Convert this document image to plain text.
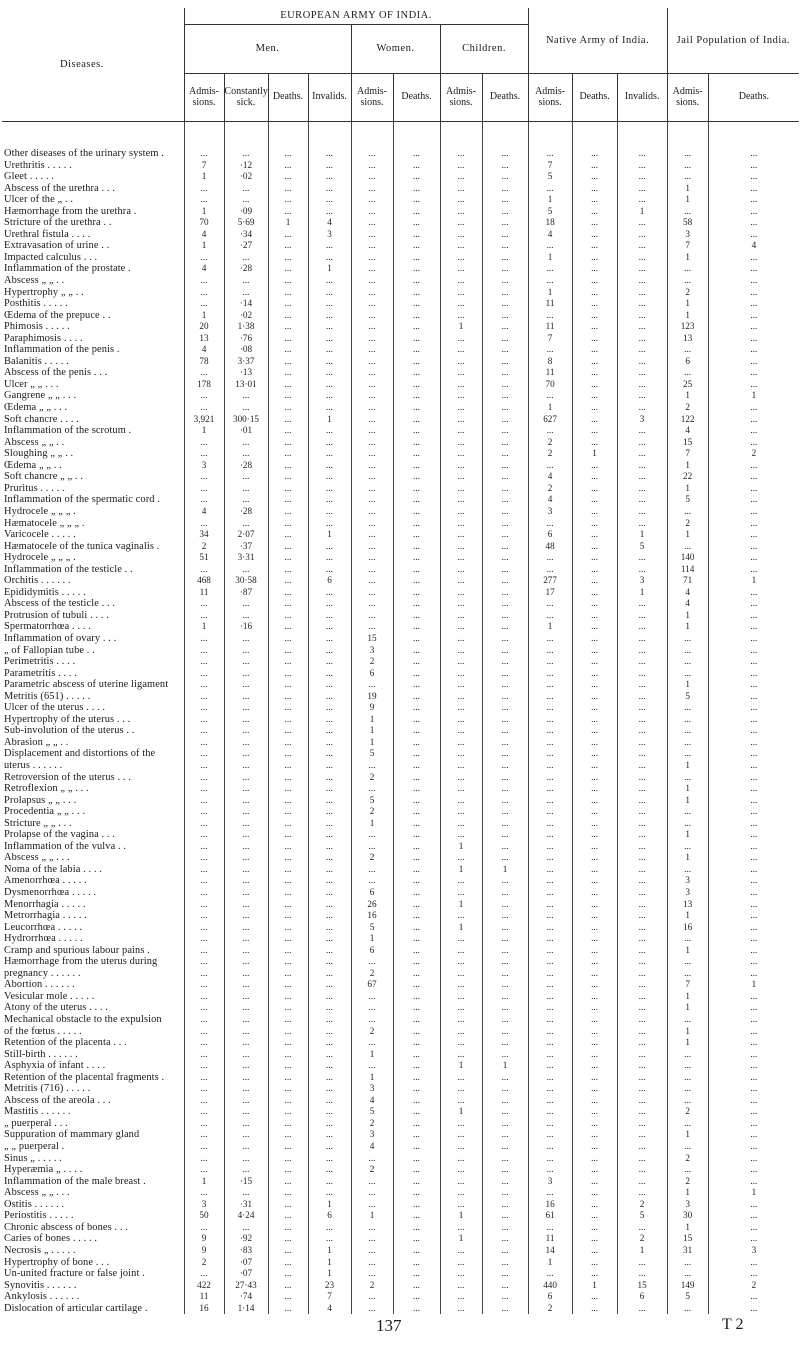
Diseases.	EUROPEAN ARMY OF INDIA.								Native Army of India.			Jail Population of India.	
	Men.				Women.		Children.						
	Admis-sions.	Constantly sick.	Deaths.	Invalids.	Admis-sions.	Deaths.	Admis-sions.	Deaths.	Admis-sions.	Deaths.	Invalids.	Admis-sions.	Deaths.

Other diseases of the urinary system .	...	...	...	...	...	...	...	...	...	...	...	...	...
Urethritis . . . . .	7	·12	...	...	...	...	...	...	7	...	...	...	...
Gleet . . . . .	1	·02	...	...	...	...	...	...	5	...	...	...	...
Abscess of the urethra . . .	...	...	...	...	...	...	...	...	...	...	...	1	...
Ulcer of the „ . .	...	...	...	...	...	...	...	...	1	...	...	1	...
Hæmorrhage from the urethra .	1	·09	...	...	...	...	...	...	5	...	1	...	...
Stricture of the urethra . .	70	5·69	1	4	...	...	...	...	18	...	...	58	...
Urethral fistula . . . .	4	·34	...	3	...	...	...	...	4	...	...	3	...
Extravasation of urine . .	1	·27	...	...	...	...	...	...	...	...	...	7	4
Impacted calculus . . .	...	...	...	...	...	...	...	...	1	...	...	1	...
Inflammation of the prostate .	4	·28	...	1	...	...	...	...	...	...	...	...	...
Abscess „ „ . .	...	...	...	...	...	...	...	...	...	...	...	...	...
Hypertrophy „ „ . .	...	...	...	...	...	...	...	...	1	...	...	2	...
Posthitis . . . . .	...	·14	...	...	...	...	...	...	11	...	...	1	...
Œdema of the prepuce . .	1	·02	...	...	...	...	...	...	...	...	...	1	...
Phimosis . . . . .	20	1·38	...	...	...	...	1	...	11	...	...	123	...
Paraphimosis . . . .	13	·76	...	...	...	...	...	...	7	...	...	13	...
Inflammation of the penis .	4	·08	...	...	...	...	...	...	...	...	...	...	...
Balanitis . . . . .	78	3·37	...	...	...	...	...	...	8	...	...	6	...
Abscess of the penis . . .	...	·13	...	...	...	...	...	...	11	...	...	...	...
Ulcer „ „ . . .	178	13·01	...	...	...	...	...	...	70	...	...	25	...
Gangrene „ „ . . .	...	...	...	...	...	...	...	...	...	...	...	1	1
Œdema „ „ . . .	...	...	...	...	...	...	...	...	1	...	...	2	...
Soft chancre . . . .	3,921	300·15	...	1	...	...	...	...	627	...	3	122	...
Inflammation of the scrotum .	1	·01	...	...	...	...	...	...	...	...	...	4	...
Abscess „ „ . .	...	...	...	...	...	...	...	...	2	...	...	15	...
Sloughing „ „ . .	...	...	...	...	...	...	...	...	2	1	...	7	2
Œdema „ „ . .	3	·28	...	...	...	...	...	...	...	...	...	1	...
Soft chancre „ „ . .	...	...	...	...	...	...	...	...	4	...	...	22	...
Pruritus . . . . .	...	...	...	...	...	...	...	...	2	...	...	1	...
Inflammation of the spermatic cord .	...	...	...	...	...	...	...	...	4	...	...	5	...
Hydrocele „ „ „ .	4	·28	...	...	...	...	...	...	3	...	...	...	...
Hæmatocele „ „ „ .	...	...	...	...	...	...	...	...	...	...	...	2	...
Varicocele . . . . .	34	2·07	...	1	...	...	...	...	6	...	1	1	...
Hæmatocele of the tunica vaginalis .	2	·37	...	...	...	...	...	...	48	...	5	...	...
Hydrocele „ „ „ .	51	3·31	...	...	...	...	...	...	...	...	...	140	...
Inflammation of the testicle . .	...	...	...	...	...	...	...	...	...	...	...	114	...
Orchitis . . . . . .	468	30·58	...	6	...	...	...	...	277	...	3	71	1
Epididymitis . . . . .	11	·87	...	...	...	...	...	...	17	...	1	4	...
Abscess of the testicle . . .	...	...	...	...	...	...	...	...	...	...	...	4	...
Protrusion of tubuli . . . .	...	...	...	...	...	...	...	...	...	...	...	1	...
Spermatorrhœa . . . .	1	·16	...	...	...	...	...	...	1	...	...	1	...
Inflammation of ovary . . .	...	...	...	...	15	...	...	...	...	...	...	...	...
„ of Fallopian tube . .	...	...	...	...	3	...	...	...	...	...	...	...	...
Perimetritis . . . .	...	...	...	...	2	...	...	...	...	...	...	...	...
Parametritis . . . .	...	...	...	...	6	...	...	...	...	...	...	...	...
Parametric abscess of uterine ligament	...	...	...	...	...	...	...	...	...	...	...	1	...
Metritis (651) . . . . .	...	...	...	...	19	...	...	...	...	...	...	5	...
Ulcer of the uterus . . . .	...	...	...	...	9	...	...	...	...	...	...	...	...
Hypertrophy of the uterus . . .	...	...	...	...	1	...	...	...	...	...	...	...	...
Sub-involution of the uterus . .	...	...	...	...	1	...	...	...	...	...	...	...	...
Abrasion „ „ . .	...	...	...	...	1	...	...	...	...	...	...	...	...
Displacement and distortions of the	...	...	...	...	5	...	...	...	...	...	...	...	...
uterus . . . . . .	...	...	...	...	...	...	...	...	...	...	...	1	...
Retroversion of the uterus . . .	...	...	...	...	2	...	...	...	...	...	...	...	...
Retroflexion „ „ . . .	...	...	...	...	...	...	...	...	...	...	...	1	...
Prolapsus „ „ . . .	...	...	...	...	5	...	...	...	...	...	...	1	...
Procedentia „ „ . . .	...	...	...	...	2	...	...	...	...	...	...	...	...
Stricture „ „ . . .	...	...	...	...	1	...	...	...	...	...	...	...	...
Prolapse of the vagina . . .	...	...	...	...	...	...	...	...	...	...	...	1	...
Inflammation of the vulva . .	...	...	...	...	...	...	1	...	...	...	...	...	...
Abscess „ „ . . .	...	...	...	...	2	...	...	...	...	...	...	1	...
Noma of the labia . . . .	...	...	...	...	...	...	1	1	...	...	...	...	...
Amenorrhœa . . . . .	...	...	...	...	...	...	...	...	...	...	...	3	...
Dysmenorrhœa . . . . .	...	...	...	...	6	...	...	...	...	...	...	3	...
Menorrhagia . . . . .	...	...	...	...	26	...	1	...	...	...	...	13	...
Metrorrhagia . . . . .	...	...	...	...	16	...	...	...	...	...	...	1	...
Leucorrhœa . . . . .	...	...	...	...	5	...	1	...	...	...	...	16	...
Hydrorrhœa . . . . .	...	...	...	...	1	...	...	...	...	...	...	...	...
Cramp and spurious labour pains .	...	...	...	...	6	...	...	...	...	...	...	1	...
Hæmorrhage from the uterus during	...	...	...	...	...	...	...	...	...	...	...	...	...
pregnancy . . . . . .	...	...	...	...	2	...	...	...	...	...	...	...	...
Abortion . . . . . .	...	...	...	...	67	...	...	...	...	...	...	7	1
Vesicular mole . . . . .	...	...	...	...	...	...	...	...	...	...	...	1	...
Atony of the uterus . . . .	...	...	...	...	...	...	...	...	...	...	...	1	...
Mechanical obstacle to the expulsion	...	...	...	...	...	...	...	...	...	...	...	...	...
of the fœtus . . . . .	...	...	...	...	2	...	...	...	...	...	...	1	...
Retention of the placenta . . .	...	...	...	...	...	...	...	...	...	...	...	1	...
Still-birth . . . . . .	...	...	...	...	1	...	...	...	...	...	...	...	...
Asphyxia of infant . . . .	...	...	...	...	...	...	1	1	...	...	...	...	...
Retention of the placental fragments .	...	...	...	...	1	...	...	...	...	...	...	...	...
Metritis (716) . . . . .	...	...	...	...	3	...	...	...	...	...	...	...	...
Abscess of the areola . . .	...	...	...	...	4	...	...	...	...	...	...	...	...
Mastitis . . . . . .	...	...	...	...	5	...	1	...	...	...	...	2	...
„ puerperal . . .	...	...	...	...	2	...	...	...	...	...	...	...	...
Suppuration of mammary gland	...	...	...	...	3	...	...	...	...	...	...	1	...
„ „ puerperal .	...	...	...	...	4	...	...	...	...	...	...	...	...
Sinus „ . . . . .	...	...	...	...	...	...	...	...	...	...	...	2	...
Hyperæmia „ . . . .	...	...	...	...	2	...	...	...	...	...	...	...	...
Inflammation of the male breast .	1	·15	...	...	...	...	...	...	3	...	...	2	...
Abscess „ „ . . .	...	...	...	...	...	...	...	...	...	...	...	1	1
Ostitis . . . . . .	3	·31	...	1	...	...	...	...	16	...	2	3	...
Periostitis . . . . .	50	4·24	...	6	1	...	1	...	61	...	5	30	...
Chronic abscess of bones . . .	...	...	...	...	...	...	...	...	...	...	...	1	...
Caries of bones . . . . .	9	·92	...	...	...	...	1	...	11	...	2	15	...
Necrosis „ . . . . .	9	·83	...	1	...	...	...	...	14	...	1	31	3
Hypertrophy of bone . . .	2	·07	...	1	...	...	...	...	1	...	...	...	...
Un-united fracture or false joint .	...	·07	...	1	...	...	...	...	...	...	...	...	...
Synovitis . . . . . .	422	27·43	...	23	2	...	...	...	440	1	15	149	2
Ankylosis . . . . . .	11	·74	...	7	...	...	...	...	6	...	6	5	...
Dislocation of articular cartilage .	16	1·14	...	4	...	...	...	...	2	...	...	...	...
137	T 2
